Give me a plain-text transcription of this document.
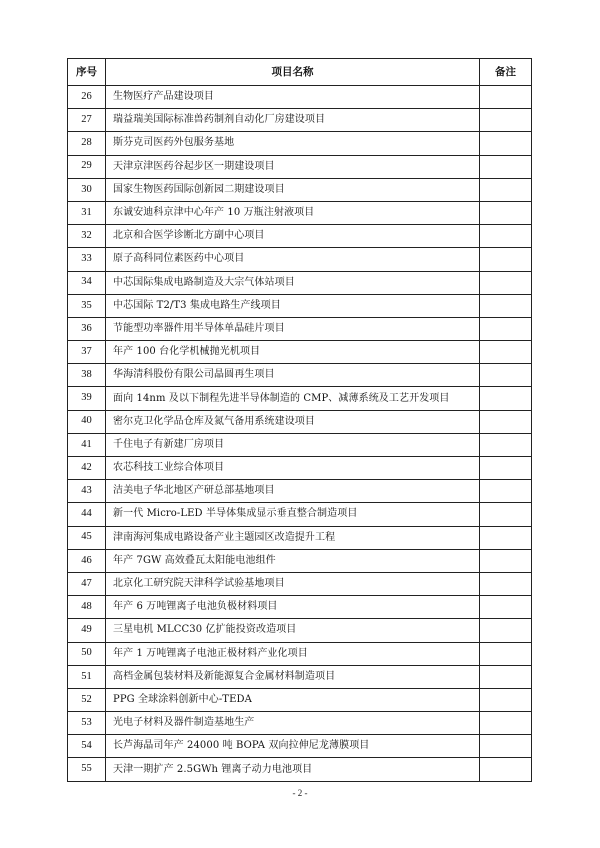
序号	项目名称	备注
26	生物医疗产品建设项目	
27	瑞益瑞美国际标准兽药制剂自动化厂房建设项目	
28	斯芬克司医药外包服务基地	
29	天津京津医药谷起步区一期建设项目	
30	国家生物医药国际创新园二期建设项目	
31	东诚安迪科京津中心年产 10 万瓶注射液项目	
32	北京和合医学诊断北方副中心项目	
33	原子高科同位素医药中心项目	
34	中芯国际集成电路制造及大宗气体站项目	
35	中芯国际 T2/T3 集成电路生产线项目	
36	节能型功率器件用半导体单晶硅片项目	
37	年产 100 台化学机械抛光机项目	
38	华海清科股份有限公司晶圆再生项目	
39	面向 14nm 及以下制程先进半导体制造的 CMP、减薄系统及工艺开发项目	
40	密尔克卫化学品仓库及氮气备用系统建设项目	
41	千住电子有新建厂房项目	
42	农芯科技工业综合体项目	
43	洁美电子华北地区产研总部基地项目	
44	新一代 Micro-LED 半导体集成显示垂直整合制造项目	
45	津南海河集成电路设备产业主题园区改造提升工程	
46	年产 7GW 高效叠瓦太阳能电池组件	
47	北京化工研究院天津科学试验基地项目	
48	年产 6 万吨锂离子电池负极材料项目	
49	三星电机 MLCC30 亿扩能投资改造项目	
50	年产 1 万吨锂离子电池正极材料产业化项目	
51	高档金属包装材料及新能源复合金属材料制造项目	
52	PPG 全球涂料创新中心-TEDA	
53	光电子材料及器件制造基地生产	
54	长芦海晶司年产 24000 吨 BOPA 双向拉伸尼龙薄膜项目	
55	天津一期扩产 2.5GWh 锂离子动力电池项目	
- 2 -
